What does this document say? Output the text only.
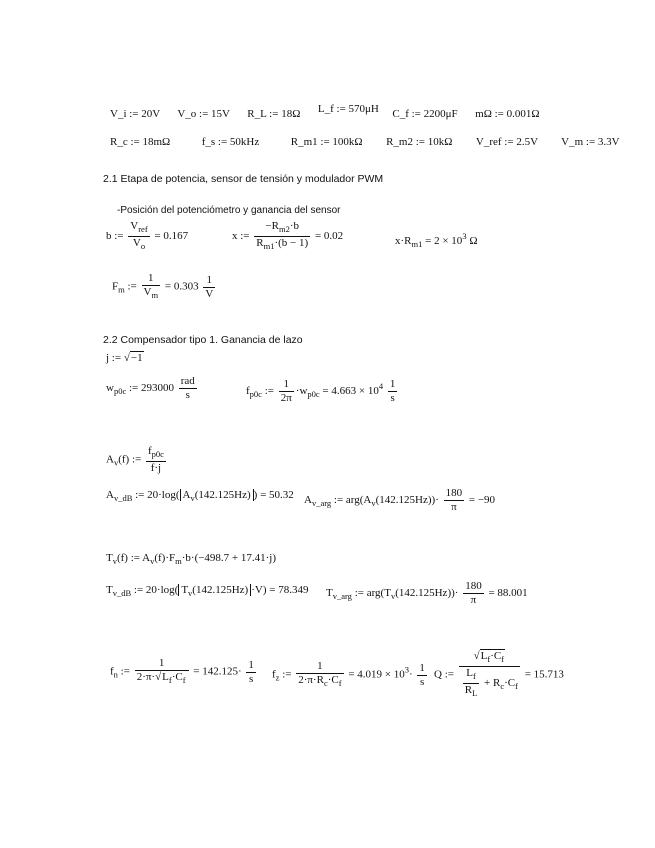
V_i := 20V V_o := 15V R_L := 18Ω L_f := 570μH C_f := 2200μF mΩ := 0.001Ω
R_c := 18mΩ	f_s := 50kHz	R_m1 := 100kΩ R_m2 := 10kΩ V_ref := 2.5V V_m := 3.3V
2.1 Etapa de potencia, sensor de tensión y modulador PWM
-Posición del potenciómetro y ganancia del sensor
b := $\frac{V_{ref}}{V_o} = 0.167$	x := $\frac{-R_{m2}\cdot b}{R_{m1}\cdot(b - 1)} = 0.02$	$x\cdot R_{m1} = 2 \times 10^3$ Ω
$F_m$ := $\frac{1}{V_m} = 0.303 \frac{1}{V}$
2.2 Compensador tipo 1. Ganancia de lazo
j := √−1
$w_{p0c}$ := $293000 \frac{\text{rad}}{s}$	$f_{p0c}$ := $\frac{1}{2\pi} \cdot w_{p0c} = 4.663 \times 10^4 \frac{1}{s}$
$A_v(f)$ := $\frac{f_{p0c}}{f\cdot j}$
$A_{v\_dB}$ := 20·log( $A_v(142.125Hz)$ ) = 50.32 $A_{v\_arg}$ := $arg(A_v(142.125Hz))\cdot \frac{180}{\pi} = -90$
$T_v(f)$ := $A_v(f)\cdot F_m\cdot b\cdot(-498.7 + 17.41\cdot j)$
$T_{v\_dB}$ := 20·log( $T_v(142.125Hz) \cdot V) = 78.349$ $T_{v\_arg}$ := $arg(T_v(142.125Hz))\cdot \frac{180}{\pi} = 88.001$
$f_n$ := $\frac{1}{2\cdot\pi\cdot√L_f\cdot C_f} = 142.125\cdot \frac{1}{s} f_z$ := $\frac{1}{2\cdot\pi\cdot R_c\cdot C_f} = 4.019 \times 10^3\cdot \frac{1}{s}$ Q := $\frac{√L_f\cdot C_f}{\frac{L_f}{R_L} + R_c\cdot C_f} = 15.713$
